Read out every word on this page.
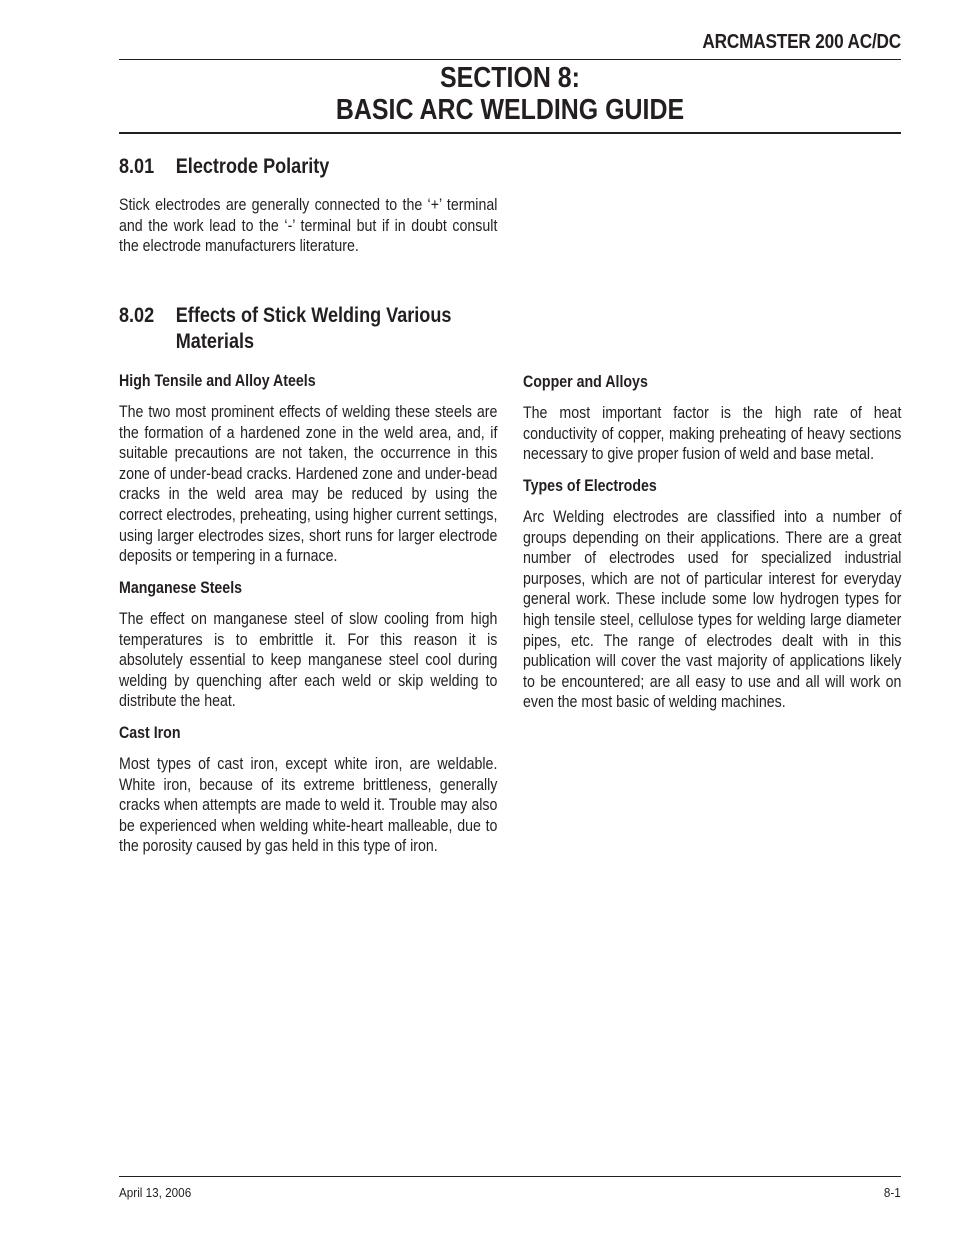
ARCMASTER 200 AC/DC
SECTION 8:
BASIC ARC WELDING GUIDE
8.01 Electrode Polarity
Stick electrodes are generally connected to the ‘+’ terminal and the work lead to the ‘-’ terminal but if in doubt consult the electrode manufacturers literature.
8.02 Effects of Stick Welding Various
Materials
High Tensile and Alloy Ateels
The two most prominent effects of welding these steels are the formation of a hardened zone in the weld area, and, if suitable precautions are not taken, the occurrence in this zone of under-bead cracks. Hardened zone and under-bead cracks in the weld area may be reduced by using the correct electrodes, preheating, using higher current settings, using larger electrodes sizes, short runs for larger electrode deposits or tempering in a furnace.
Manganese Steels
The effect on manganese steel of slow cooling from high temperatures is to embrittle it. For this reason it is absolutely essential to keep manganese steel cool during welding by quenching after each weld or skip welding to distribute the heat.
Cast Iron
Most types of cast iron, except white iron, are weldable. White iron, because of its extreme brittleness, generally cracks when attempts are made to weld it. Trouble may also be experienced when welding white-heart malleable, due to the porosity caused by gas held in this type of iron.
Copper and Alloys
The most important factor is the high rate of heat conductivity of copper, making preheating of heavy sections necessary to give proper fusion of weld and base metal.
Types of Electrodes
Arc Welding electrodes are classified into a number of groups depending on their applications. There are a great number of electrodes used for specialized industrial purposes, which are not of particular interest for everyday general work. These include some low hydrogen types for high tensile steel, cellulose types for welding large diameter pipes, etc. The range of electrodes dealt with in this publication will cover the vast majority of applications likely to be encountered; are all easy to use and all will work on even the most basic of welding machines.
April 13, 2006	8-1
